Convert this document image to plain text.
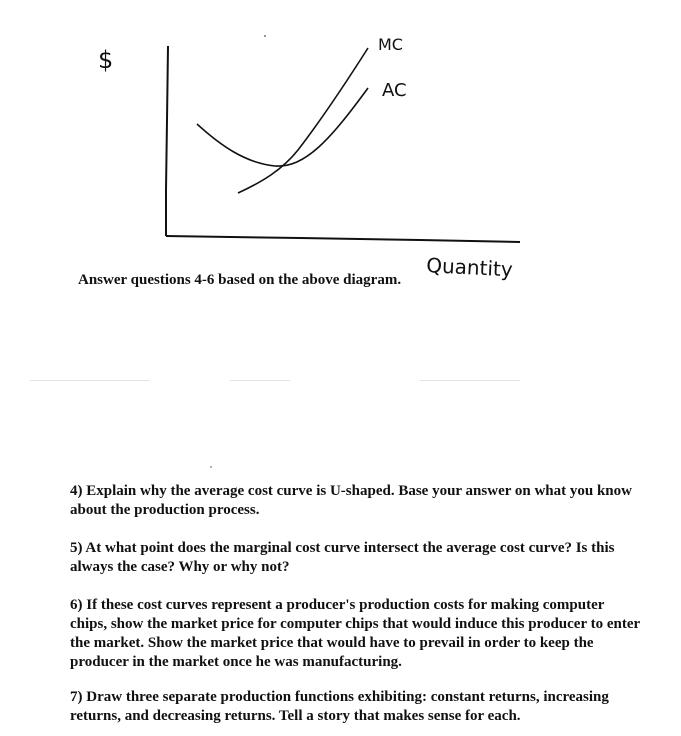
$
MC
AC
Quantity
Answer questions 4-6 based on the above diagram.

4) Explain why the average cost curve is U-shaped. Base your answer on what you know about the production process.

5) At what point does the marginal cost curve intersect the average cost curve? Is this always the case? Why or why not?

6) If these cost curves represent a producer's production costs for making computer chips, show the market price for computer chips that would induce this producer to enter the market. Show the market price that would have to prevail in order to keep the producer in the market once he was manufacturing.

7) Draw three separate production functions exhibiting: constant returns, increasing returns, and decreasing returns. Tell a story that makes sense for each.
